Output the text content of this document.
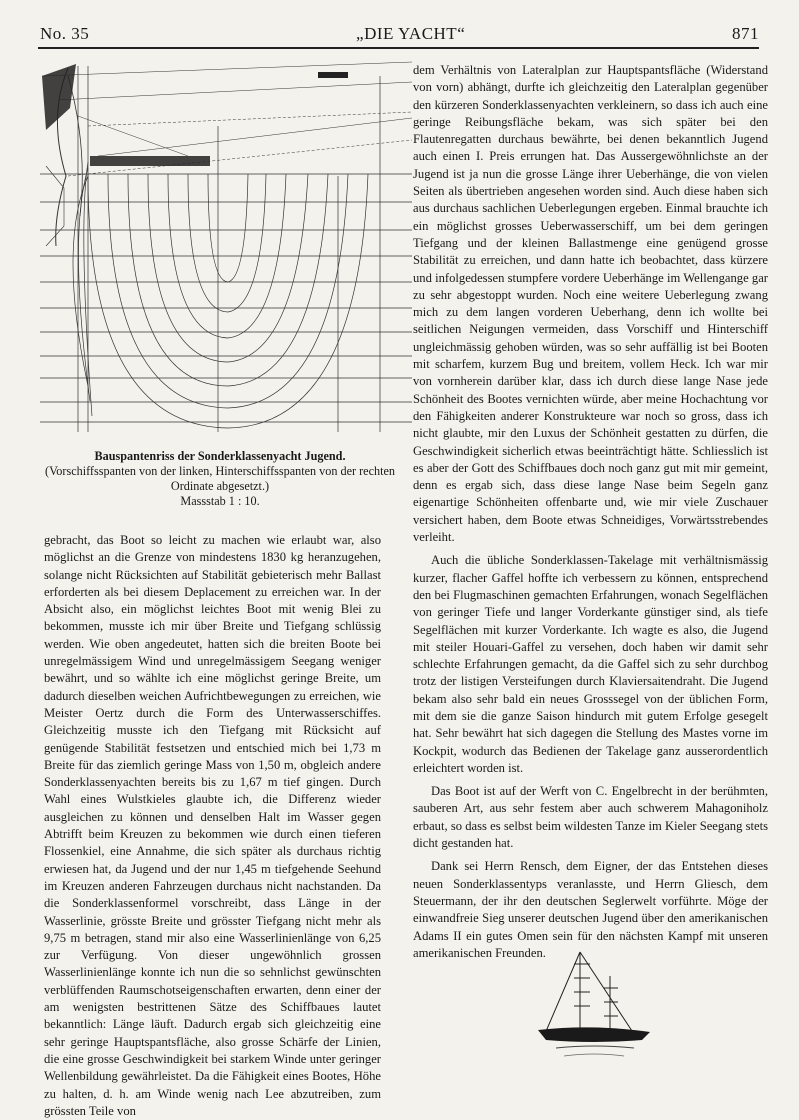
No. 35	„DIE YACHT“	871
Bauspantenriss der Sonderklassenyacht Jugend.
(Vorschiffsspanten von der linken, Hinterschiffsspanten von der rechten Ordinate abgesetzt.)
Massstab 1 : 10.

gebracht, das Boot so leicht zu machen wie erlaubt war, also möglichst an die Grenze von mindestens 1830 kg heranzugehen, solange nicht Rücksichten auf Stabilität gebieterisch mehr Ballast erforderten als bei diesem Deplacement zu erreichen war. In der Absicht also, ein möglichst leichtes Boot mit wenig Blei zu bekommen, musste ich mir über Breite und Tiefgang schlüssig werden. Wie oben angedeutet, hatten sich die breiten Boote bei unregelmässigem Wind und unregelmässigem Seegang weniger bewährt, und so wählte ich eine möglichst geringe Breite, um dadurch dieselben weichen Aufrichtbewegungen zu erreichen, wie Meister Oertz durch die Form des Unterwasserschiffes. Gleichzeitig musste ich den Tiefgang mit Rücksicht auf genügende Stabilität festsetzen und entschied mich bei 1,73 m Breite für das ziemlich geringe Mass von 1,50 m, obgleich andere Sonderklassenyachten bereits bis zu 1,67 m tief gingen. Durch Wahl eines Wulstkieles glaubte ich, die Differenz wieder ausgleichen zu können und denselben Halt im Wasser gegen Abtrifft beim Kreuzen zu bekommen wie durch einen tieferen Flossenkiel, eine Annahme, die sich später als durchaus richtig erwiesen hat, da Jugend und der nur 1,45 m tiefgehende Seehund im Kreuzen anderen Fahrzeugen durchaus nicht nachstanden. Da die Sonderklassenformel vorschreibt, dass Länge in der Wasserlinie, grösste Breite und grösster Tiefgang nicht mehr als 9,75 m betragen, stand mir also eine Wasserlinienlänge von 6,25 zur Verfügung. Von dieser ungewöhnlich grossen Wasserlinienlänge konnte ich nun die so sehnlichst gewünschten verblüffenden Raumschotseigenschaften erwarten, denn einer der am wenigsten bestrittenen Sätze des Schiffbaues lautet bekanntlich: Länge läuft. Dadurch ergab sich gleichzeitig eine sehr geringe Hauptspantsfläche, also grosse Schärfe der Linien, die eine grosse Geschwindigkeit bei starkem Winde unter geringer Wellenbildung gewährleistet. Da die Fähigkeit eines Bootes, Höhe zu halten, d. h. am Winde wenig nach Lee abzutreiben, zum grössten Teile von

dem Verhältnis von Lateralplan zur Hauptspantsfläche (Widerstand von vorn) abhängt, durfte ich gleichzeitig den Lateralplan gegenüber den kürzeren Sonderklassenyachten verkleinern, so dass ich auch eine geringe Reibungsfläche bekam, was sich später bei den Flautenregatten durchaus bewährte, bei denen bekanntlich Jugend auch einen I. Preis errungen hat. Das Aussergewöhnlichste an der Jugend ist ja nun die grosse Länge ihrer Ueberhänge, die von vielen Seiten als übertrieben angesehen worden sind. Auch diese haben sich aus durchaus sachlichen Ueberlegungen ergeben. Einmal brauchte ich ein möglichst grosses Ueberwasserschiff, um bei dem geringen Tiefgang und der kleinen Ballastmenge eine genügend grosse Stabilität zu erreichen, und dann hatte ich beobachtet, dass kürzere und infolgedessen stumpfere vordere Ueberhänge im Wellengange gar zu sehr abgestoppt wurden. Noch eine weitere Ueberlegung zwang mich zu dem langen vorderen Ueberhang, denn ich wollte bei seitlichen Neigungen vermeiden, dass Vorschiff und Hinterschiff ungleichmässig gehoben würden, was so sehr auffällig ist bei Booten mit scharfem, kurzem Bug und breitem, vollem Heck. Ich war mir von vornherein darüber klar, dass ich durch diese lange Nase jede Schönheit des Bootes vernichten würde, aber meine Hochachtung vor den Fähigkeiten anderer Konstrukteure war noch so gross, dass ich nicht glaubte, mir den Luxus der Schönheit gestatten zu dürfen, die Geschwindigkeit sicherlich etwas beeinträchtigt hätte. Schliesslich ist es aber der Gott des Schiffbaues doch noch ganz gut mit mir gemeint, denn es ergab sich, dass diese lange Nase beim Segeln ganz eigenartige Schönheiten offenbarte und, wie mir viele Zuschauer versichert haben, dem Boote etwas Schneidiges, Vorwärtsstrebendes verleiht.

Auch die übliche Sonderklassen-Takelage mit verhältnismässig kurzer, flacher Gaffel hoffte ich verbessern zu können, entsprechend den bei Flugmaschinen gemachten Erfahrungen, wonach Segelflächen von geringer Tiefe und langer Vorderkante günstiger sind, als tiefe Segelflächen mit kurzer Vorderkante. Ich wagte es also, die Jugend mit steiler Houari-Gaffel zu versehen, doch haben wir damit sehr schlechte Erfahrungen gemacht, da die Gaffel sich zu sehr durchbog trotz der listigen Versteifungen durch Klaviersaitendraht. Die Jugend bekam also sehr bald ein neues Grosssegel von der üblichen Form, mit dem sie die ganze Saison hindurch mit gutem Erfolge gesegelt hat. Sehr bewährt hat sich dagegen die Stellung des Mastes vorne im Kockpit, wodurch das Bedienen der Takelage ganz ausserordentlich erleichtert worden ist.

Das Boot ist auf der Werft von C. Engelbrecht in der berühmten, sauberen Art, aus sehr festem aber auch schwerem Mahagoniholz erbaut, so dass es selbst beim wildesten Tanze im Kieler Seegang stets dicht gestanden hat.

Dank sei Herrn Rensch, dem Eigner, der das Entstehen dieses neuen Sonderklassentyps veranlasste, und Herrn Gliesch, dem Steuermann, der ihr den deutschen Seglerwelt vorführte. Möge der einwandfreie Sieg unserer deutschen Jugend über den amerikanischen Adams II ein gutes Omen sein für den nächsten Kampf mit unseren amerikanischen Freunden.
